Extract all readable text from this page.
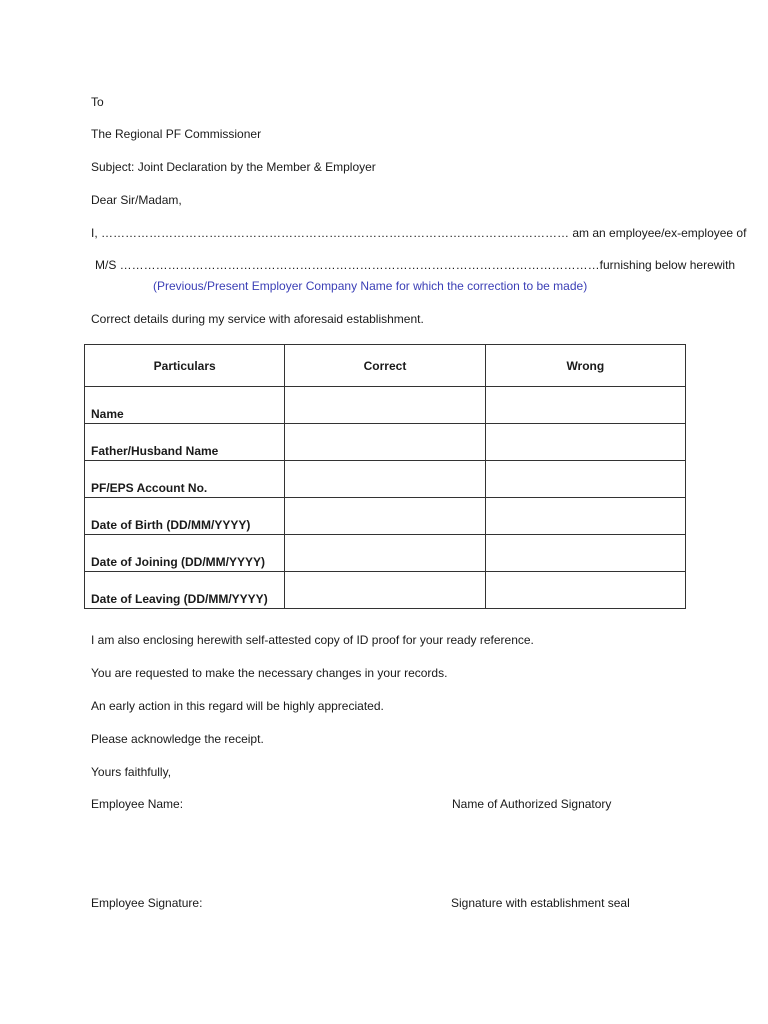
To
The Regional PF Commissioner
Subject: Joint Declaration by the Member & Employer
Dear Sir/Madam,
I, ……………………………………………………………………………………………………… am an employee/ex-employee of
M/S …………………………………………………………………………………………………………furnishing below herewith
(Previous/Present Employer Company Name for which the correction to be made)
Correct details during my service with aforesaid establishment.
Particulars	Correct	Wrong
Name		
Father/Husband Name		
PF/EPS Account No.		
Date of Birth (DD/MM/YYYY)		
Date of Joining (DD/MM/YYYY)		
Date of Leaving (DD/MM/YYYY)		
I am also enclosing herewith self-attested copy of ID proof for your ready reference.
You are requested to make the necessary changes in your records.
An early action in this regard will be highly appreciated.
Please acknowledge the receipt.
Yours faithfully,
Employee Name:	Name of Authorized Signatory
Employee Signature:	Signature with establishment seal
